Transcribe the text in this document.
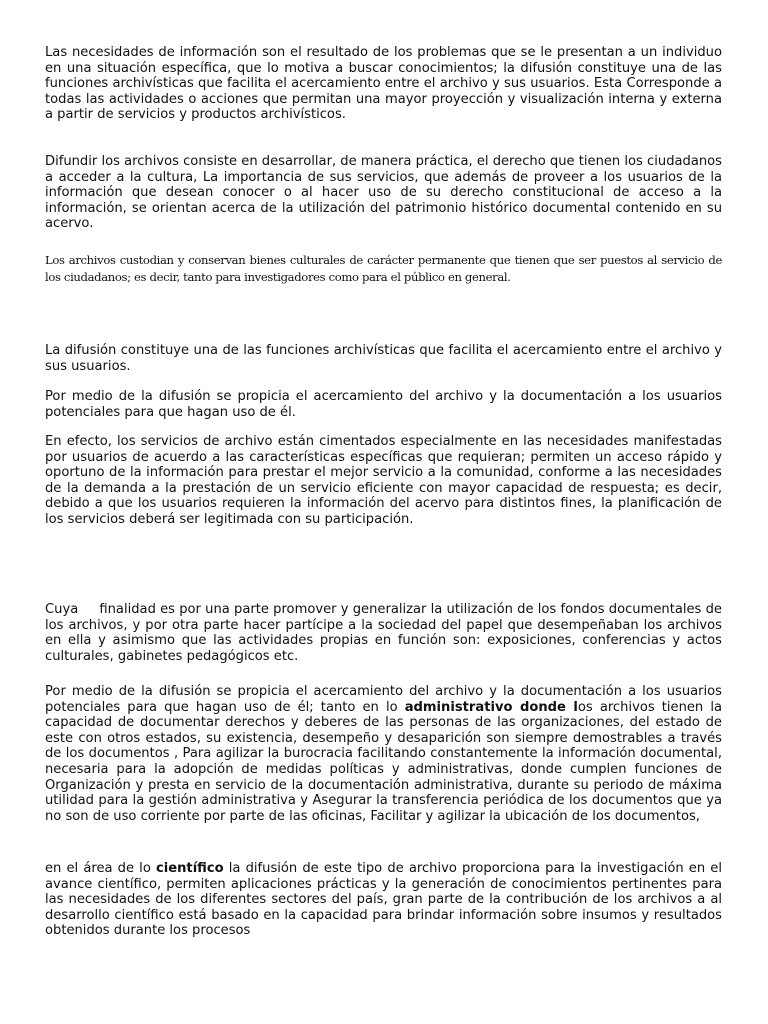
Las necesidades de información son el resultado de los problemas que se le presentan a un individuo en una situación específica, que lo motiva a buscar conocimientos; la difusión constituye una de las funciones archivísticas que facilita el acercamiento entre el archivo y sus usuarios. Esta Corresponde a todas las actividades o acciones que permitan una mayor proyección y visualización interna y externa a partir de servicios y productos archivísticos.

Difundir los archivos consiste en desarrollar, de manera práctica, el derecho que tienen los ciudadanos a acceder a la cultura, La importancia de sus servicios, que además de proveer a los usuarios de la información que desean conocer o al hacer uso de su derecho constitucional de acceso a la información, se orientan acerca de la utilización del patrimonio histórico documental contenido en su acervo.

Los archivos custodian y conservan bienes culturales de carácter permanente que tienen que ser puestos al servicio de los ciudadanos; es decir, tanto para investigadores como para el público en general.

La difusión constituye una de las funciones archivísticas que facilita el acercamiento entre el archivo y sus usuarios.

Por medio de la difusión se propicia el acercamiento del archivo y la documentación a los usuarios potenciales para que hagan uso de él.

En efecto, los servicios de archivo están cimentados especialmente en las necesidades manifestadas por usuarios de acuerdo a las características específicas que requieran; permiten un acceso rápido y oportuno de la información para prestar el mejor servicio a la comunidad, conforme a las necesidades de la demanda a la prestación de un servicio eficiente con mayor capacidad de respuesta; es decir, debido a que los usuarios requieren la información del acervo para distintos fines, la planificación de los servicios deberá ser legitimada con su participación.

Cuya     finalidad es por una parte promover y generalizar la utilización de los fondos documentales de los archivos, y por otra parte hacer partícipe a la sociedad del papel que desempeñaban los archivos en ella y asimismo que las actividades propias en función son: exposiciones, conferencias y actos culturales, gabinetes pedagógicos etc.

Por medio de la difusión se propicia el acercamiento del archivo y la documentación a los usuarios potenciales para que hagan uso de él; tanto en lo administrativo donde los archivos tienen la capacidad de documentar derechos y deberes de las personas de las organizaciones, del estado de este con otros estados, su existencia, desempeño y desaparición son siempre demostrables a través de los documentos , Para agilizar la burocracia facilitando constantemente la información documental, necesaria para la adopción de medidas políticas y administrativas, donde cumplen funciones de Organización y presta en servicio de la documentación administrativa, durante su periodo de máxima utilidad para la gestión administrativa y Asegurar la transferencia periódica de los documentos que ya no son de uso corriente por parte de las oficinas, Facilitar y agilizar la ubicación de los documentos,

en el área de lo científico la difusión de este tipo de archivo proporciona para la investigación en el avance científico, permiten aplicaciones prácticas y la generación de conocimientos pertinentes para las necesidades de los diferentes sectores del país, gran parte de la contribución de los archivos a al desarrollo científico está basado en la capacidad para brindar información sobre insumos y resultados obtenidos durante los procesos
